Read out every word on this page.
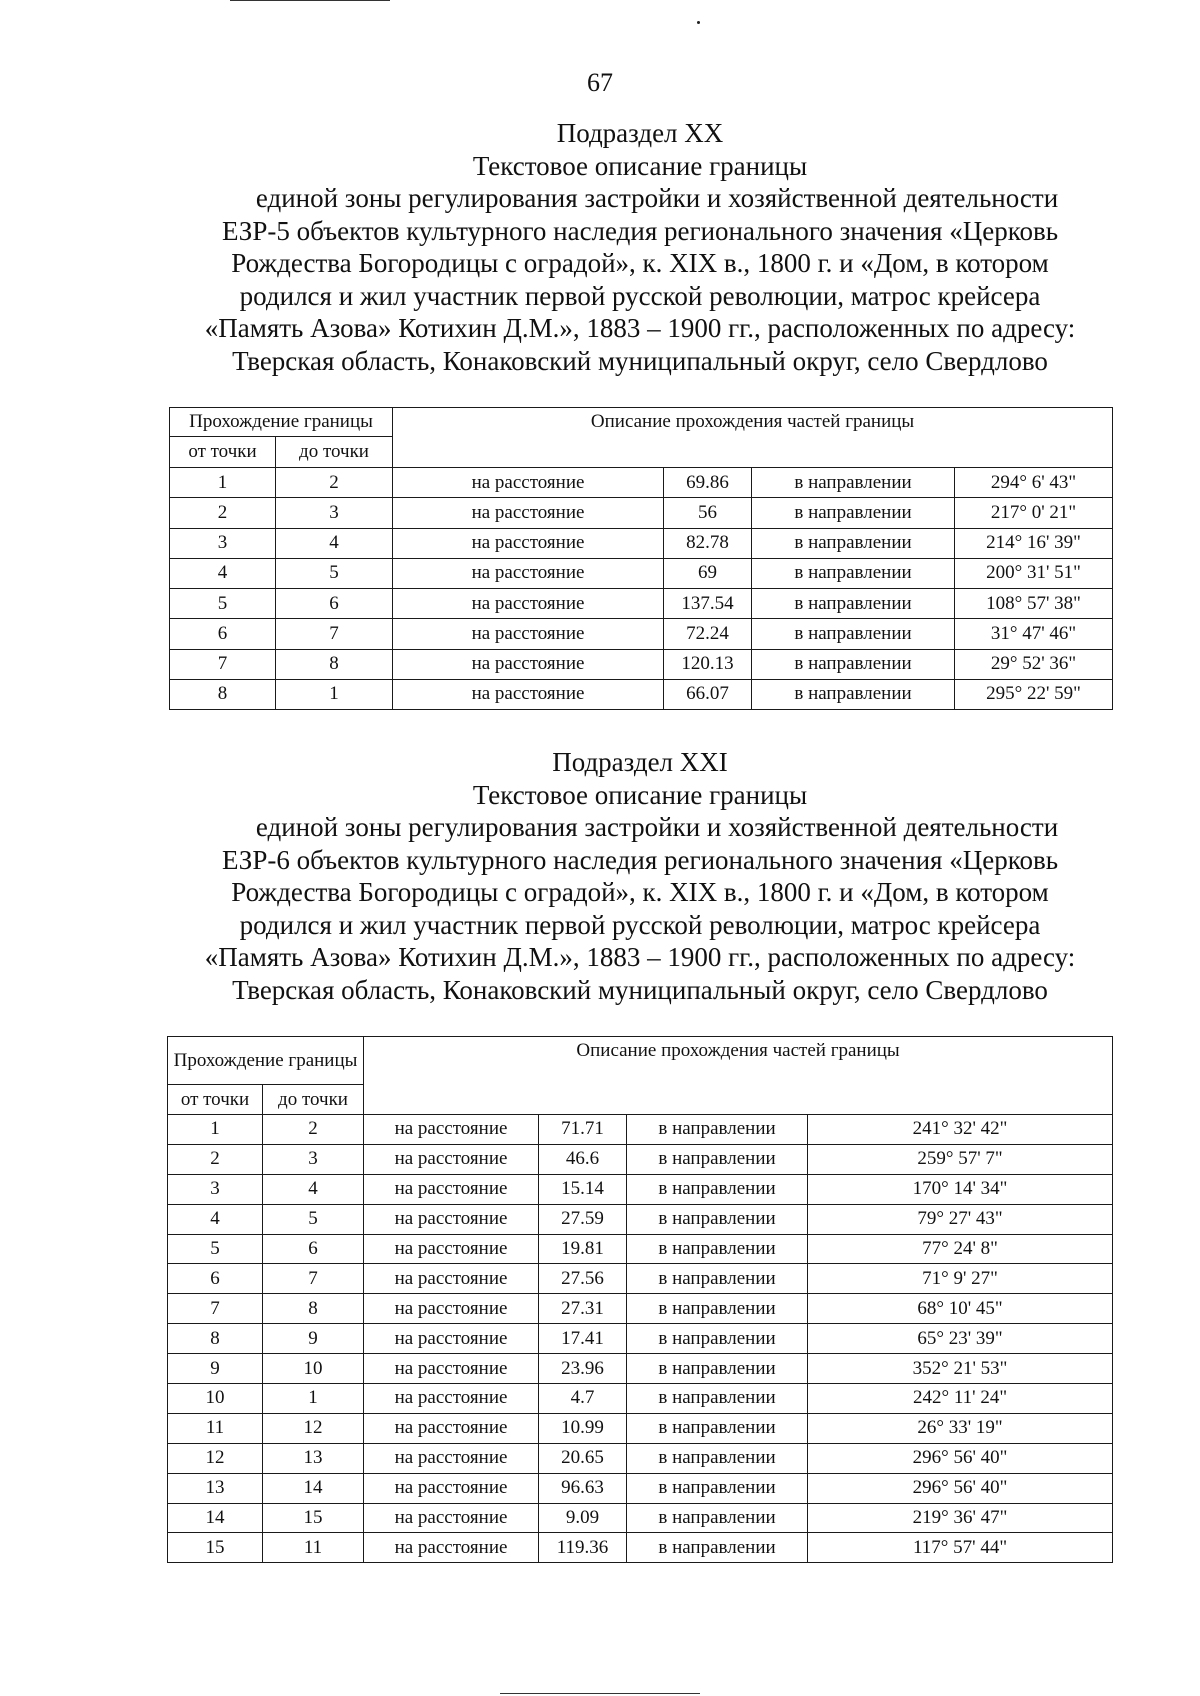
67
Подраздел XX
Текстовое описание границы
единой зоны регулирования застройки и хозяйственной деятельности
ЕЗР-5 объектов культурного наследия регионального значения «Церковь
Рождества Богородицы с оградой», к. XIX в., 1800 г. и «Дом, в котором
родился и жил участник первой русской революции, матрос крейсера
«Память Азова» Котихин Д.М.», 1883 – 1900 гг., расположенных по адресу:
Тверская область, Конаковский муниципальный округ, село Свердлово
Прохождение границы		Описание прохождения частей границы			
от точки	до точки				
1	2	на расстояние	69.86	в направлении	294° 6' 43"
2	3	на расстояние	56	в направлении	217° 0' 21"
3	4	на расстояние	82.78	в направлении	214° 16' 39"
4	5	на расстояние	69	в направлении	200° 31' 51"
5	6	на расстояние	137.54	в направлении	108° 57' 38"
6	7	на расстояние	72.24	в направлении	31° 47' 46"
7	8	на расстояние	120.13	в направлении	29° 52' 36"
8	1	на расстояние	66.07	в направлении	295° 22' 59"
Подраздел XXI
Текстовое описание границы
единой зоны регулирования застройки и хозяйственной деятельности
ЕЗР-6 объектов культурного наследия регионального значения «Церковь
Рождества Богородицы с оградой», к. XIX в., 1800 г. и «Дом, в котором
родился и жил участник первой русской революции, матрос крейсера
«Память Азова» Котихин Д.М.», 1883 – 1900 гг., расположенных по адресу:
Тверская область, Конаковский муниципальный округ, село Свердлово
Прохождение границы		Описание прохождения частей границы			
от точки	до точки				
1	2	на расстояние	71.71	в направлении	241° 32' 42"
2	3	на расстояние	46.6	в направлении	259° 57' 7"
3	4	на расстояние	15.14	в направлении	170° 14' 34"
4	5	на расстояние	27.59	в направлении	79° 27' 43"
5	6	на расстояние	19.81	в направлении	77° 24' 8"
6	7	на расстояние	27.56	в направлении	71° 9' 27"
7	8	на расстояние	27.31	в направлении	68° 10' 45"
8	9	на расстояние	17.41	в направлении	65° 23' 39"
9	10	на расстояние	23.96	в направлении	352° 21' 53"
10	1	на расстояние	4.7	в направлении	242° 11' 24"
11	12	на расстояние	10.99	в направлении	26° 33' 19"
12	13	на расстояние	20.65	в направлении	296° 56' 40"
13	14	на расстояние	96.63	в направлении	296° 56' 40"
14	15	на расстояние	9.09	в направлении	219° 36' 47"
15	11	на расстояние	119.36	в направлении	117° 57' 44"
